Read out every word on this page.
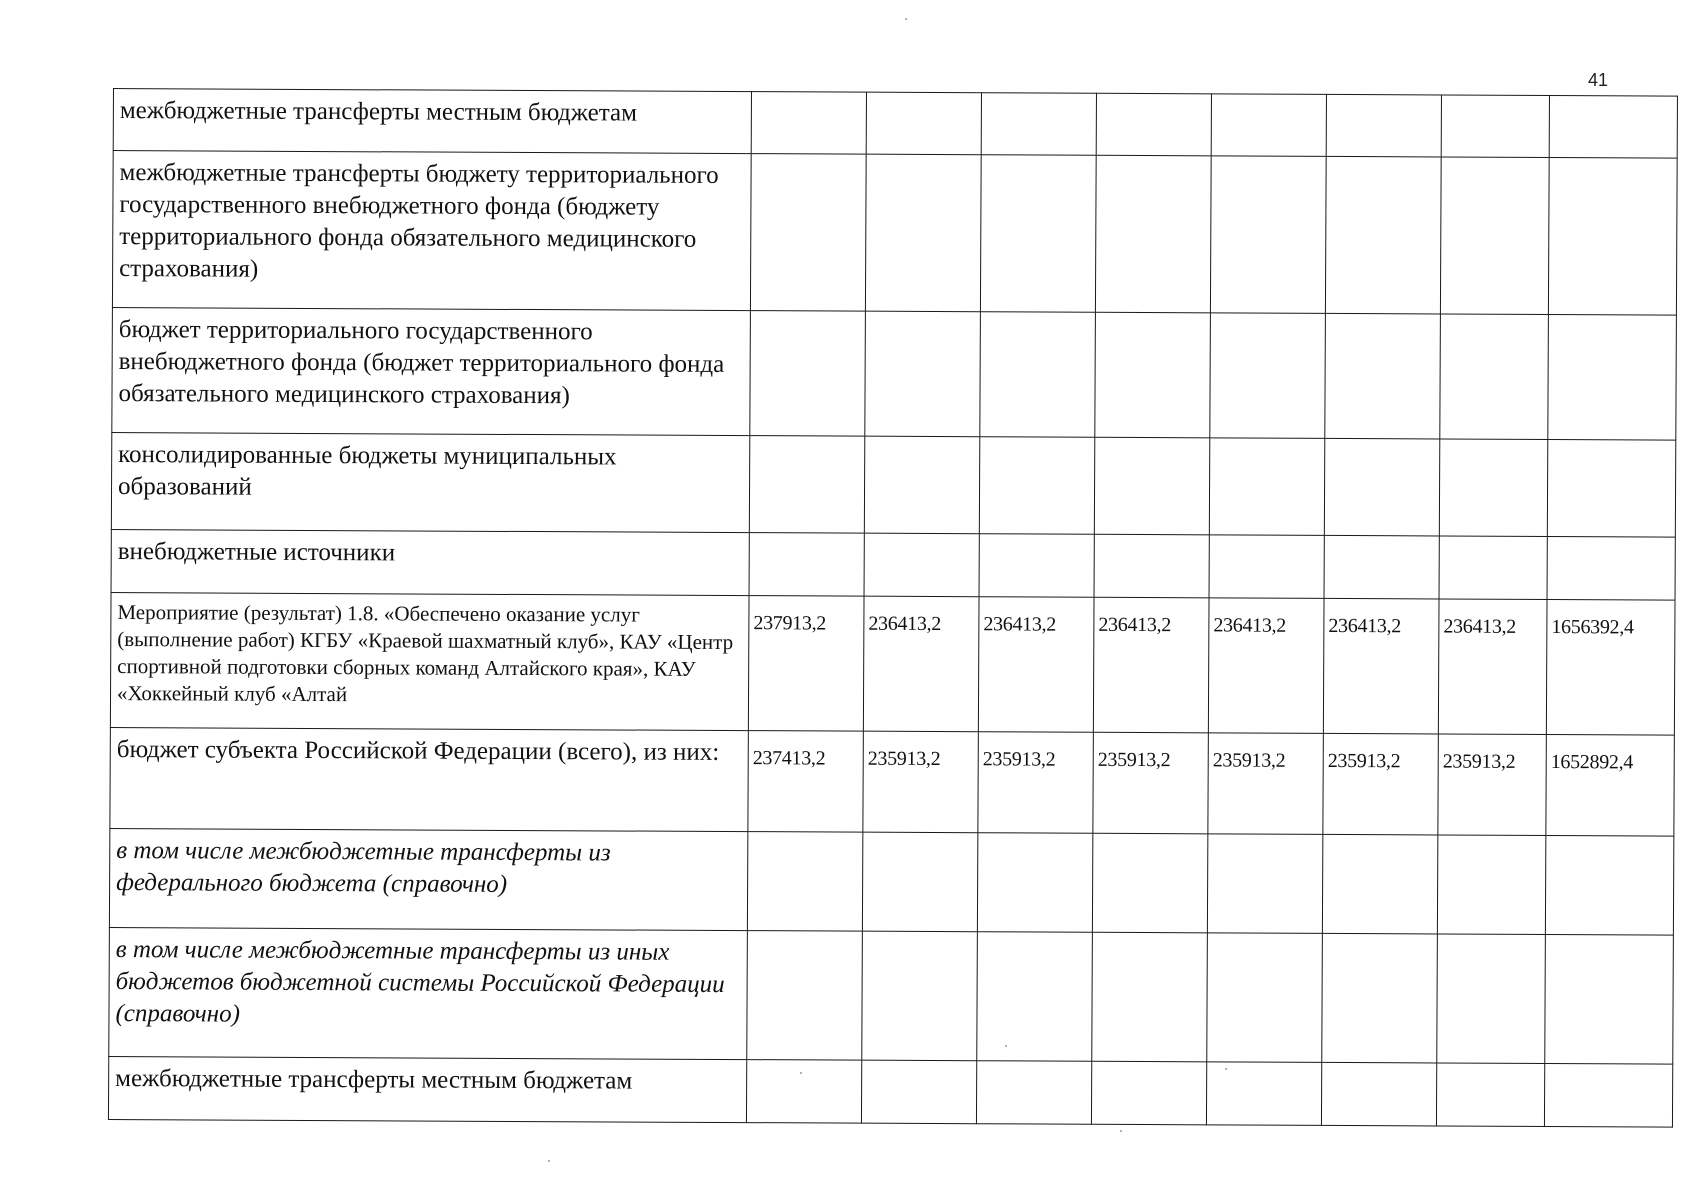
41
межбюджетные трансферты местным бюджетам								
межбюджетные трансферты бюджету территориального государственного внебюджетного фонда (бюджету территориального фонда обязательного медицинского страхования)								
бюджет территориального государственного внебюджетного фонда (бюджет территориального фонда обязательного медицинского страхования)								
консолидированные бюджеты муниципальных образований								
внебюджетные источники								
Мероприятие (результат) 1.8. «Обеспечено оказание услуг (выполнение работ) КГБУ «Краевой шахматный клуб», КАУ «Центр спортивной подготовки сборных команд Алтайского края», КАУ «Хоккейный клуб «Алтай	237913,2	236413,2	236413,2	236413,2	236413,2	236413,2	236413,2	1656392,4
бюджет субъекта Российской Федерации (всего), из них:	237413,2	235913,2	235913,2	235913,2	235913,2	235913,2	235913,2	1652892,4
в том числе межбюджетные трансферты из федерального бюджета (справочно)								
в том числе межбюджетные трансферты из иных бюджетов бюджетной системы Российской Федерации (справочно)								
межбюджетные трансферты местным бюджетам								
